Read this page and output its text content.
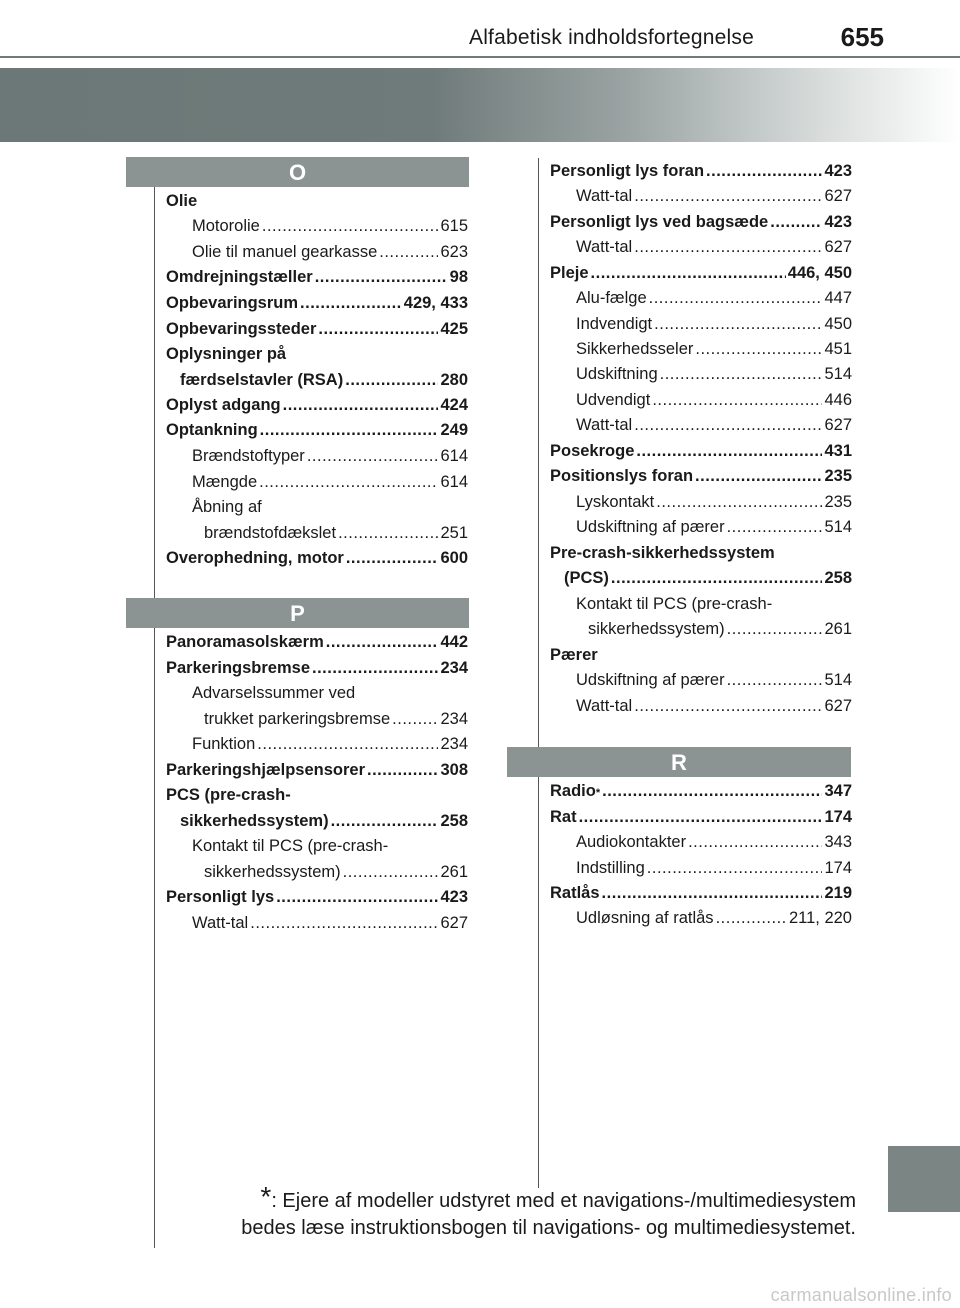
Alfabetisk indholdsfortegnelse	655
O
P
R
Olie
Motorolie .....	615
Olie til manuel gearkasse .....	623
Omdrejningstæller .....	98
Opbevaringsrum .....	429, 433
Opbevaringssteder .....	425
Oplysninger på
færdselstavler (RSA) .....	280
Oplyst adgang .....	424
Optankning .....	249
Brændstoftyper .....	614
Mængde .....	614
Åbning af
brændstofdækslet .....	251
Overophedning, motor .....	600
Panoramasolskærm .....	442
Parkeringsbremse .....	234
Advarselssummer ved
trukket parkeringsbremse .....	234
Funktion .....	234
Parkeringshjælpsensorer .....	308
PCS (pre-crash-
sikkerhedssystem) .....	258
Kontakt til PCS (pre-crash-
sikkerhedssystem) .....	261
Personligt lys .....	423
Watt-tal .....	627
Personligt lys foran .....	423
Watt-tal .....	627
Personligt lys ved bagsæde .....	423
Watt-tal .....	627
Pleje .....	446, 450
Alu-fælge .....	447
Indvendigt .....	450
Sikkerhedsseler .....	451
Udskiftning .....	514
Udvendigt .....	446
Watt-tal .....	627
Posekroge .....	431
Positionslys foran .....	235
Lyskontakt .....	235
Udskiftning af pærer .....	514
Pre-crash-sikkerhedssystem
(PCS) .....	258
Kontakt til PCS (pre-crash-
sikkerhedssystem) .....	261
Pærer
Udskiftning af pærer .....	514
Watt-tal .....	627
Radio * .....	347
Rat .....	174
Audiokontakter .....	343
Indstilling .....	174
Ratlås .....	219
Udløsning af ratlås .....	211, 220
*: Ejere af modeller udstyret med et navigations-/multimediesystem
bedes læse instruktionsbogen til navigations- og multimediesystemet.
carmanualsonline.info
